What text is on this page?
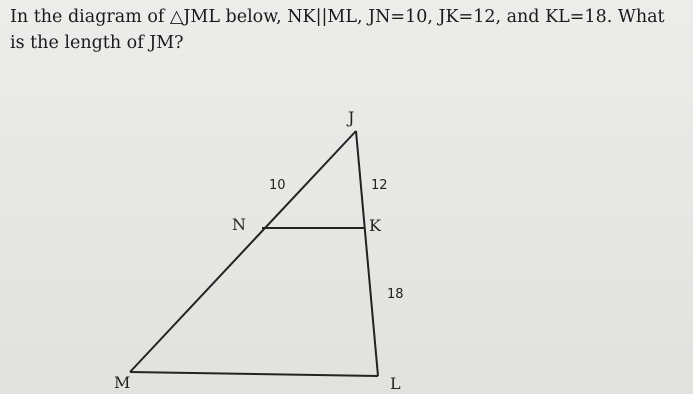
In the diagram of △JML below, NK||ML, JN=10, JK=12, and KL=18. What is the length of JM?
J
N	K
M	L
10	12
18
